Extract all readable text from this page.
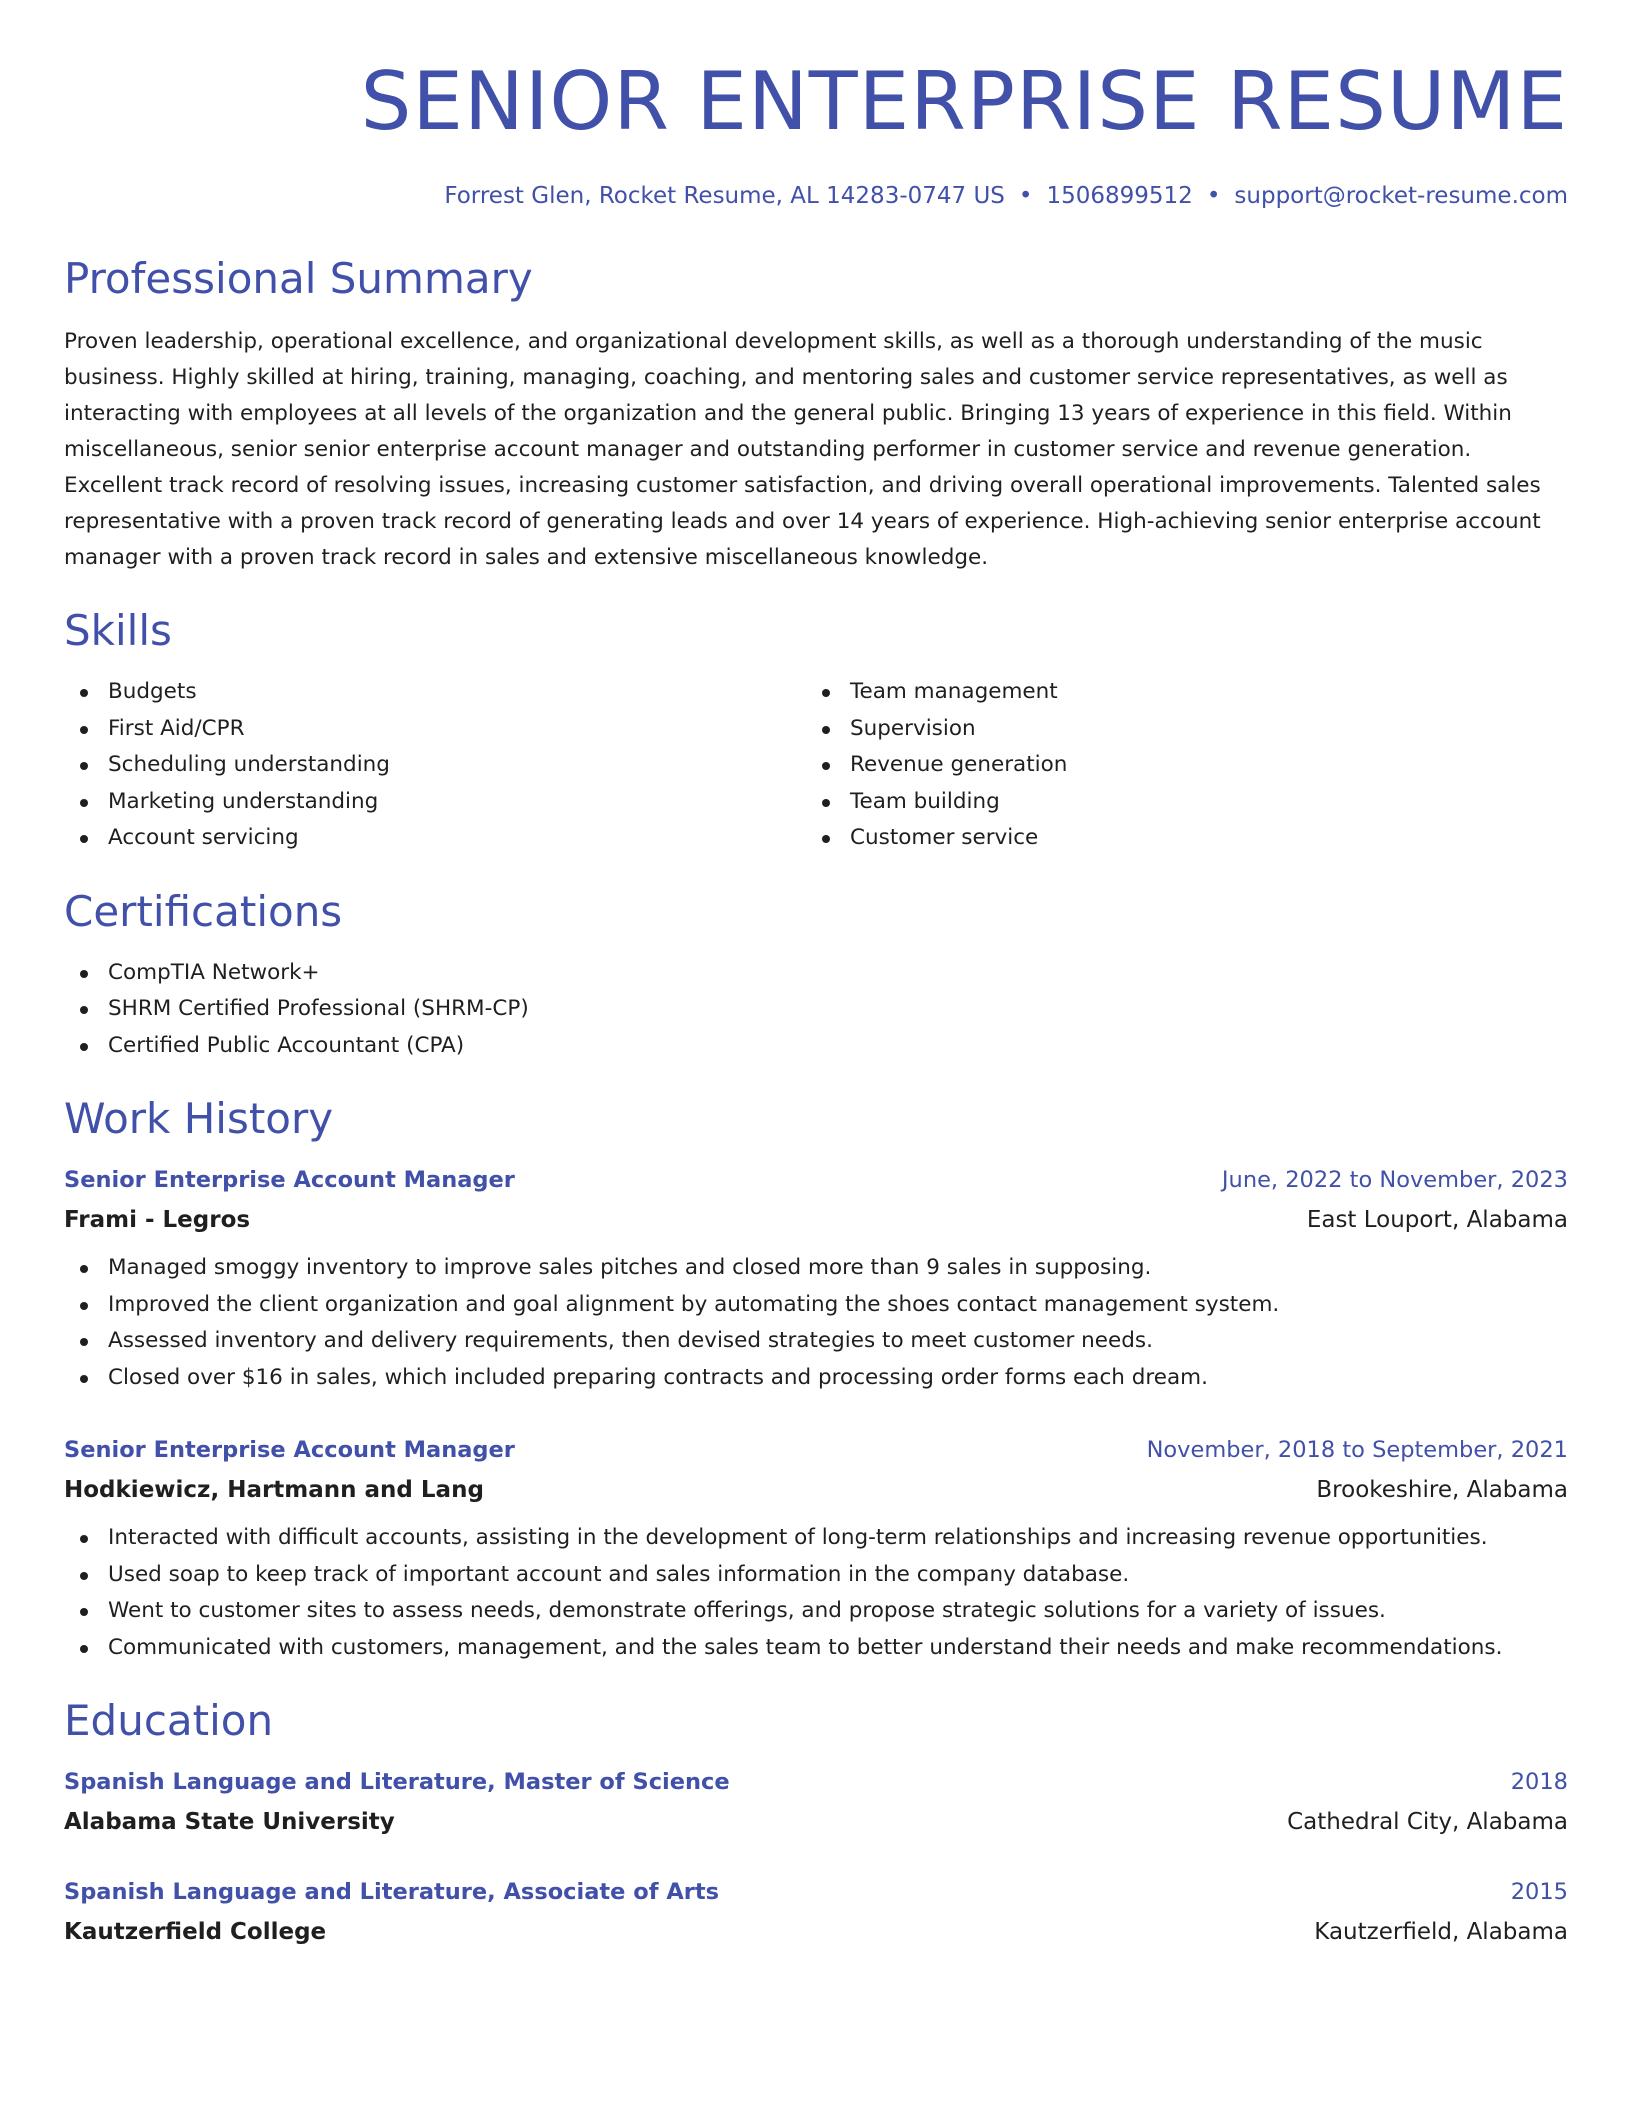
SENIOR ENTERPRISE RESUME
Forrest Glen, Rocket Resume, AL 14283-0747 US • 1506899512 • support@rocket-resume.com
Professional Summary

Proven leadership, operational excellence, and organizational development skills, as well as a thorough understanding of the music business. Highly skilled at hiring, training, managing, coaching, and mentoring sales and customer service representatives, as well as interacting with employees at all levels of the organization and the general public. Bringing 13 years of experience in this field. Within miscellaneous, senior senior enterprise account manager and outstanding performer in customer service and revenue generation. Excellent track record of resolving issues, increasing customer satisfaction, and driving overall operational improvements. Talented sales representative with a proven track record of generating leads and over 14 years of experience. High-achieving senior enterprise account manager with a proven track record in sales and extensive miscellaneous knowledge.

Skills
Budgets
First Aid/CPR
Scheduling understanding
Marketing understanding
Account servicing
Team management
Supervision
Revenue generation
Team building
Customer service
Certifications
CompTIA Network+
SHRM Certified Professional (SHRM-CP)
Certified Public Accountant (CPA)
Work History
Senior Enterprise Account Manager	June, 2022 to November, 2023
Frami - Legros	East Louport, Alabama
Managed smoggy inventory to improve sales pitches and closed more than 9 sales in supposing.
Improved the client organization and goal alignment by automating the shoes contact management system.
Assessed inventory and delivery requirements, then devised strategies to meet customer needs.
Closed over $16 in sales, which included preparing contracts and processing order forms each dream.
Senior Enterprise Account Manager	November, 2018 to September, 2021
Hodkiewicz, Hartmann and Lang	Brookeshire, Alabama
Interacted with difficult accounts, assisting in the development of long-term relationships and increasing revenue opportunities.
Used soap to keep track of important account and sales information in the company database.
Went to customer sites to assess needs, demonstrate offerings, and propose strategic solutions for a variety of issues.
Communicated with customers, management, and the sales team to better understand their needs and make recommendations.
Education
Spanish Language and Literature, Master of Science	2018
Alabama State University	Cathedral City, Alabama
Spanish Language and Literature, Associate of Arts	2015
Kautzerfield College	Kautzerfield, Alabama
